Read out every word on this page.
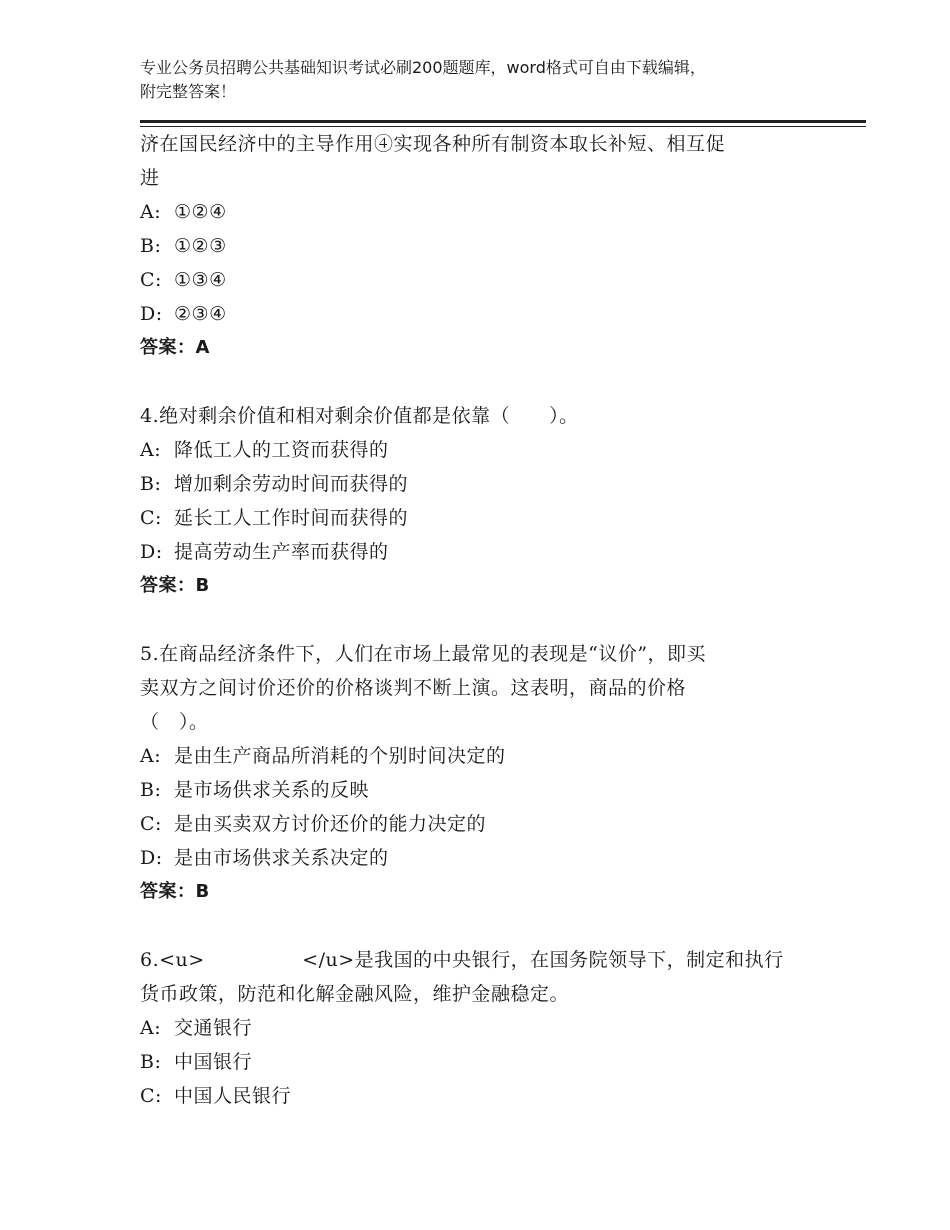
专业公务员招聘公共基础知识考试必刷200题题库，word格式可自由下载编辑，
附完整答案！
济在国民经济中的主导作用④实现各种所有制资本取长补短、相互促
进
A: ①②④
B: ①②③
C: ①③④
D: ②③④
答案：A
4.绝对剩余价值和相对剩余价值都是依靠（　　）。
A: 降低工人的工资而获得的
B: 增加剩余劳动时间而获得的
C: 延长工人工作时间而获得的
D: 提高劳动生产率而获得的
答案：B
5.在商品经济条件下，人们在市场上最常见的表现是“议价”，即买
卖双方之间讨价还价的价格谈判不断上演。这表明，商品的价格
（　）。
A: 是由生产商品所消耗的个别时间决定的
B: 是市场供求关系的反映
C: 是由买卖双方讨价还价的能力决定的
D: 是由市场供求关系决定的
答案：B
6.<u>　　　　　</u>是我国的中央银行，在国务院领导下，制定和执行
货币政策，防范和化解金融风险，维护金融稳定。
A: 交通银行
B: 中国银行
C: 中国人民银行
